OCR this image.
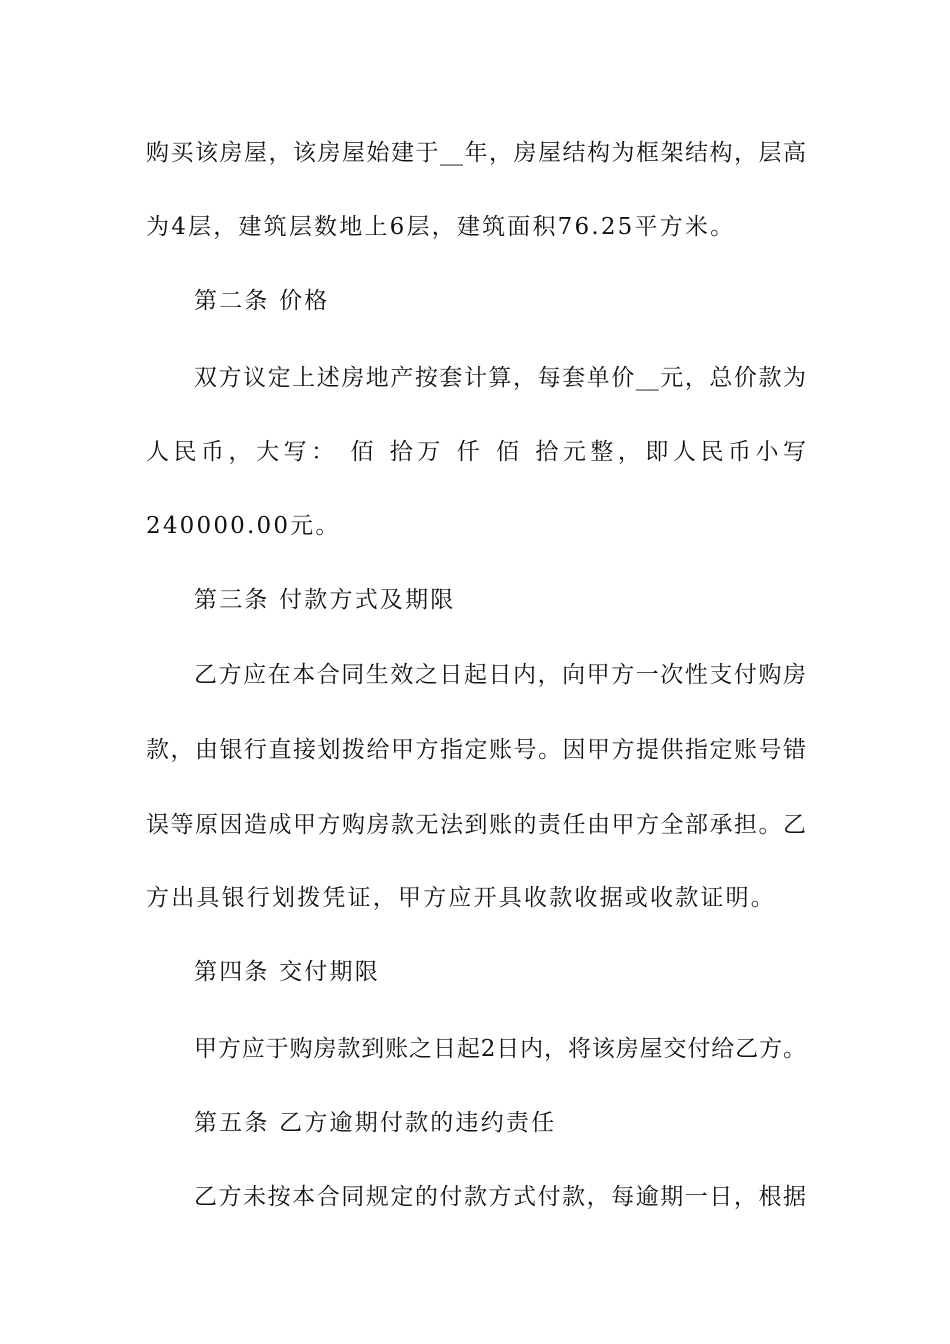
购买该房屋，该房屋始建于__年，房屋结构为框架结构，层高
为4层，建筑层数地上6层，建筑面积76.25平方米。
第二条 价格
双方议定上述房地产按套计算，每套单价__元，总价款为
人民币，大写： 佰 拾万 仟 佰 拾元整，即人民币小写
240000.00元。
第三条 付款方式及期限
乙方应在本合同生效之日起日内，向甲方一次性支付购房
款，由银行直接划拨给甲方指定账号。因甲方提供指定账号错
误等原因造成甲方购房款无法到账的责任由甲方全部承担。乙
方出具银行划拨凭证，甲方应开具收款收据或收款证明。
第四条 交付期限
甲方应于购房款到账之日起2日内，将该房屋交付给乙方。
第五条 乙方逾期付款的违约责任
乙方未按本合同规定的付款方式付款，每逾期一日，根据
